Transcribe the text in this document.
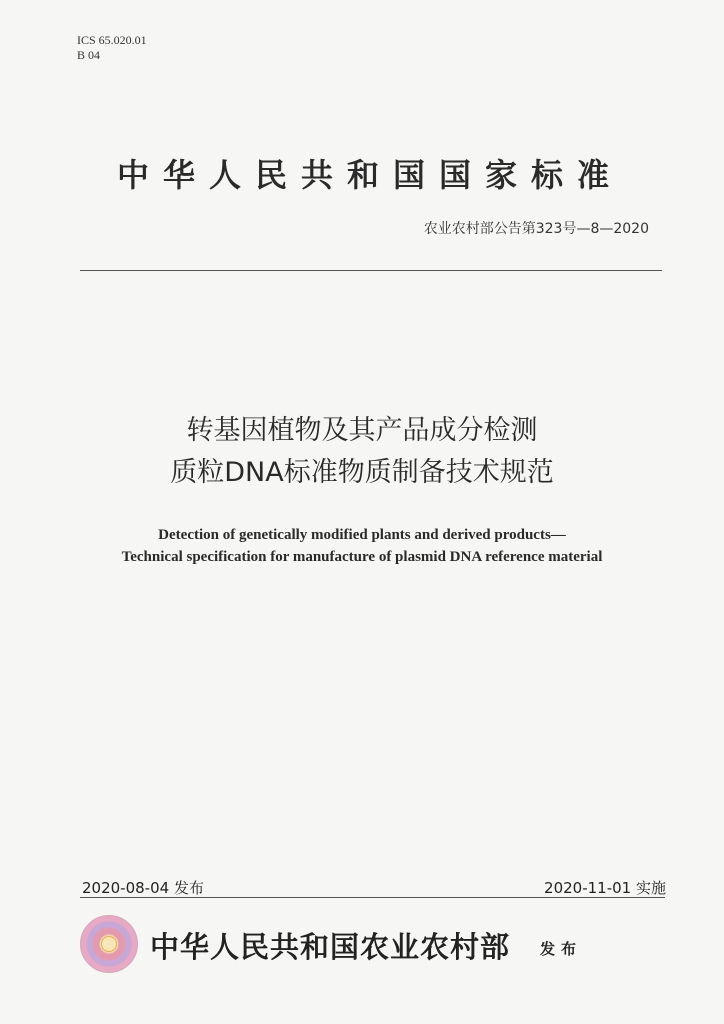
ICS 65.020.01
B 04
中华人民共和国国家标准
农业农村部公告第323号—8—2020
转基因植物及其产品成分检测
质粒DNA标准物质制备技术规范
Detection of genetically modified plants and derived products—
Technical specification for manufacture of plasmid DNA reference material
2020-08-04 发布	2020-11-01 实施
中华人民共和国农业农村部 发布
